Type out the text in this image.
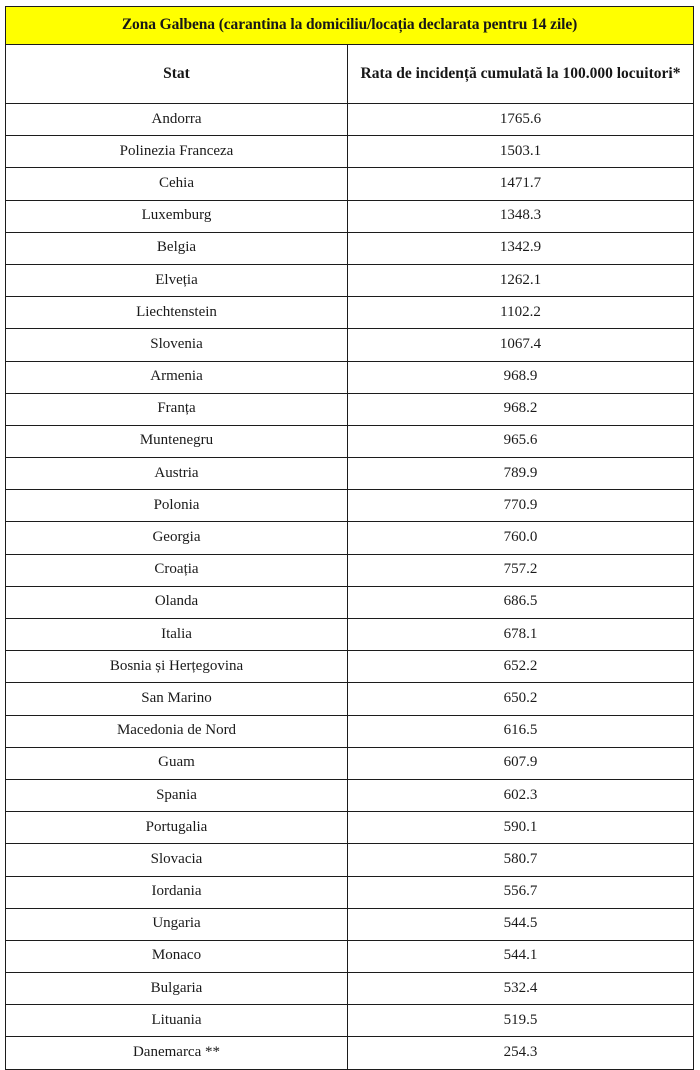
Zona Galbena (carantina la domiciliu/locația declarata pentru 14 zile)	
Stat	Rata de incidență cumulată la 100.000 locuitori*
Andorra	1765.6
Polinezia Franceza	1503.1
Cehia	1471.7
Luxemburg	1348.3
Belgia	1342.9
Elveția	1262.1
Liechtenstein	1102.2
Slovenia	1067.4
Armenia	968.9
Franța	968.2
Muntenegru	965.6
Austria	789.9
Polonia	770.9
Georgia	760.0
Croația	757.2
Olanda	686.5
Italia	678.1
Bosnia și Herțegovina	652.2
San Marino	650.2
Macedonia de Nord	616.5
Guam	607.9
Spania	602.3
Portugalia	590.1
Slovacia	580.7
Iordania	556.7
Ungaria	544.5
Monaco	544.1
Bulgaria	532.4
Lituania	519.5
Danemarca **	254.3
